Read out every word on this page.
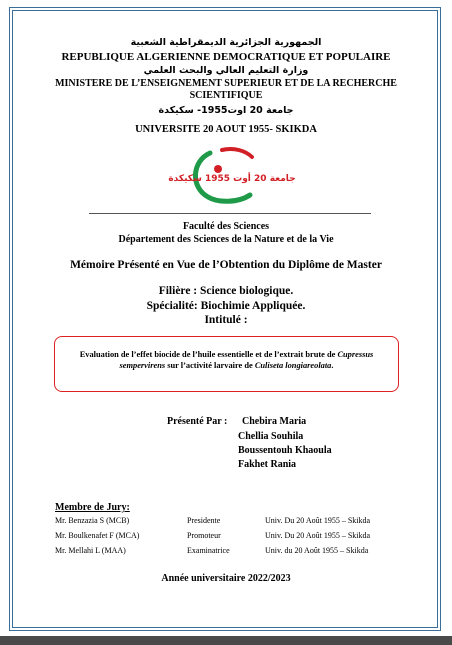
الجمهورية الجزائرية الديمقراطية الشعبية
REPUBLIQUE ALGERIENNE DEMOCRATIQUE ET POPULAIRE
وزارة التعليم العالي والبحث العلمي
MINISTERE DE L’ENSEIGNEMENT SUPERIEUR ET DE LA RECHERCHE
SCIENTIFIQUE
جامعة 20 اوت1955- سكيكدة
UNIVERSITE 20 AOUT 1955- SKIKDA
جامعة 20 أوت 1955 سكيكدة
Faculté des Sciences
Département des Sciences de la Nature et de la Vie
Mémoire Présenté en Vue de l’Obtention du Diplôme de Master
Filière : Science biologique.
Spécialité: Biochimie Appliquée.
Intitulé :
Evaluation de l’effet biocide de l’huile essentielle et de l’extrait brute de Cupressus sempervirens sur l’activité larvaire de Culiseta longiareolata.
Présenté Par : Chebira Maria
Chellia Souhila
Boussentouh Khaoula
Fakhet Rania
Membre de Jury:
Mr. Benzazia S (MCB)	Presidente	Univ. Du 20 Août 1955 – Skikda
Mr. Boulkenafet F (MCA)	Promoteur	Univ. Du 20 Août 1955 – Skikda
Mr. Mellahi L (MAA)	Examinatrice	Univ. du 20 Août 1955 – Skikda
Année universitaire 2022/2023
